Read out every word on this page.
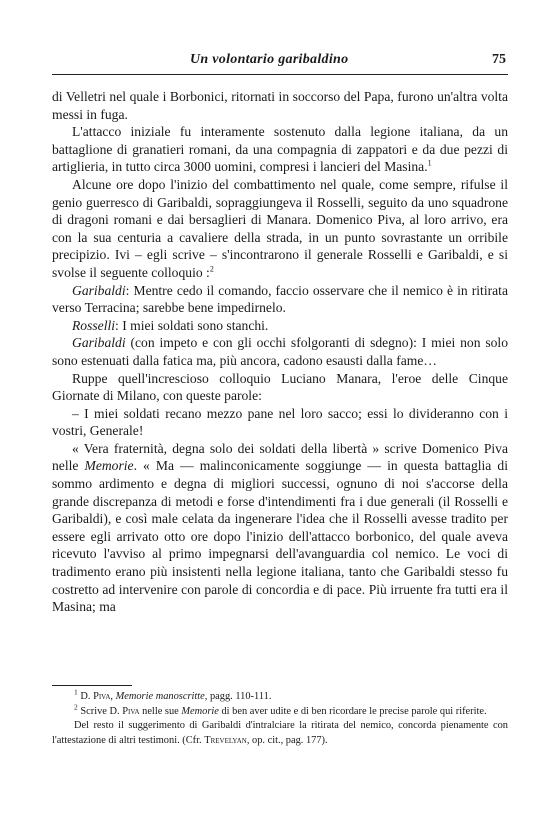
Un volontario garibaldino	75

di Velletri nel quale i Borbonici, ritornati in soccorso del Papa, furono un'altra volta messi in fuga.

L'attacco iniziale fu interamente sostenuto dalla legione italiana, da un battaglione di granatieri romani, da una compagnia di zappatori e da due pezzi di artiglieria, in tutto circa 3000 uomini, compresi i lancieri del Masina.$^1$

Alcune ore dopo l'inizio del combattimento nel quale, come sempre, rifulse il genio guerresco di Garibaldi, sopraggiungeva il Rosselli, seguito da uno squadrone di dragoni romani e dai bersaglieri di Manara. Domenico Piva, al loro arrivo, era con la sua centuria a cavaliere della strada, in un punto sovrastante un orribile precipizio. Ivi – egli scrive – s'incontrarono il generale Rosselli e Garibaldi, e si svolse il seguente colloquio :$^2$

Garibaldi: Mentre cedo il comando, faccio osservare che il nemico è in ritirata verso Terracina; sarebbe bene impedirnelo.

Rosselli: I miei soldati sono stanchi.

Garibaldi (con impeto e con gli occhi sfolgoranti di sdegno): I miei non solo sono estenuati dalla fatica ma, più ancora, cadono esausti dalla fame…

Ruppe quell'increscioso colloquio Luciano Manara, l'eroe delle Cinque Giornate di Milano, con queste parole:

– I miei soldati recano mezzo pane nel loro sacco; essi lo divideranno con i vostri, Generale!

« Vera fraternità, degna solo dei soldati della libertà » scrive Domenico Piva nelle Memorie. « Ma — malinconicamente soggiunge — in questa battaglia di sommo ardimento e degna di migliori successi, ognuno di noi s'accorse della grande discrepanza di metodi e forse d'intendimenti fra i due generali (il Rosselli e Garibaldi), e così male celata da ingenerare l'idea che il Rosselli avesse tradito per essere egli arrivato otto ore dopo l'inizio dell'attacco borbonico, del quale aveva ricevuto l'avviso al primo impegnarsi dell'avanguardia col nemico. Le voci di tradimento erano più insistenti nella legione italiana, tanto che Garibaldi stesso fu costretto ad intervenire con parole di concordia e di pace. Più irruente fra tutti era il Masina; ma

$^1$ D. Piva, Memorie manoscritte, pagg. 110-111.

$^2$ Scrive D. Piva nelle sue Memorie di ben aver udite e di ben ricordare le precise parole qui riferite.

Del resto il suggerimento di Garibaldi d'intralciare la ritirata del nemico, concorda pienamente con l'attestazione di altri testimoni. (Cfr. Trevelyan, op. cit., pag. 177).
